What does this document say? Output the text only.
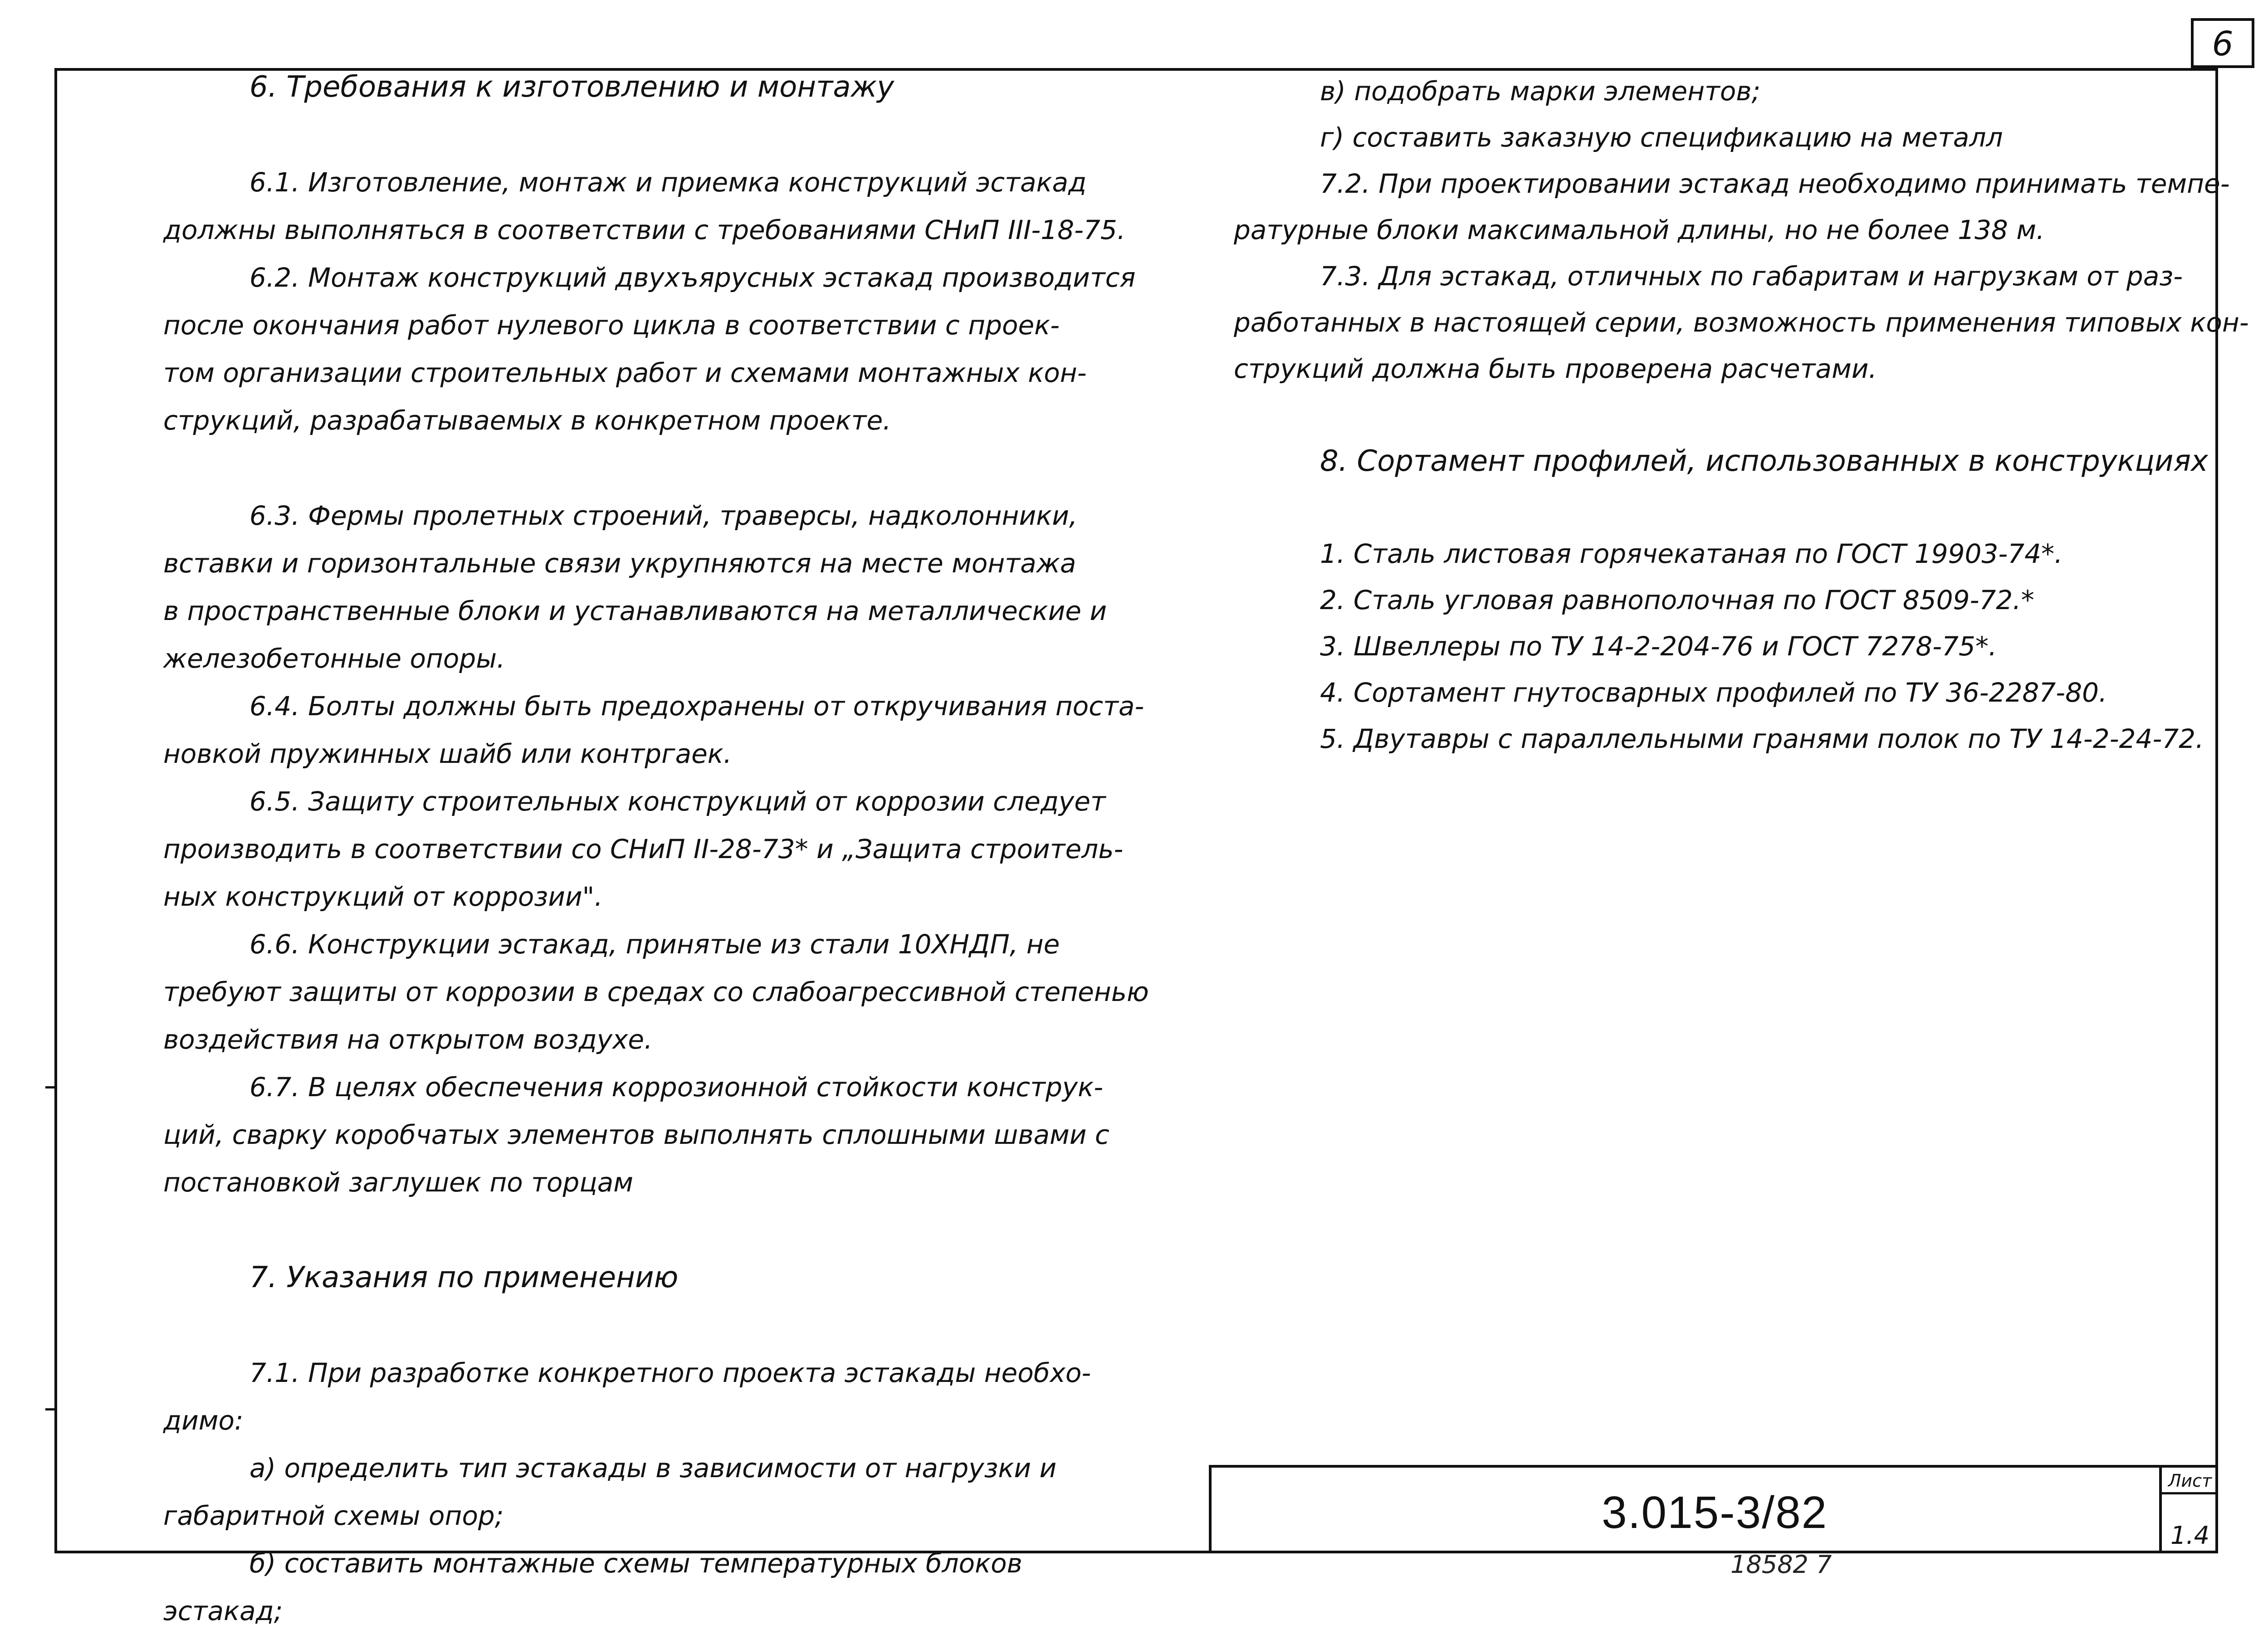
6

6. Требования к изготовлению и монтажу

6.1. Изготовление, монтаж и приемка конструкций эстакад

должны выполняться в соответствии с требованиями СНиП III-18-75.

6.2. Монтаж конструкций двухъярусных эстакад производится

после окончания работ нулевого цикла в соответствии с проек-

том организации строительных работ и схемами монтажных кон-

струкций, разрабатываемых в конкретном проекте.

6.3. Фермы пролетных строений, траверсы, надколонники,

вставки и горизонтальные связи укрупняются на месте монтажа

в пространственные блоки и устанавливаются на металлические и

железобетонные опоры.

6.4. Болты должны быть предохранены от откручивания поста-

новкой пружинных шайб или контргаек.

6.5. Защиту строительных конструкций от коррозии следует

производить в соответствии со СНиП II-28-73* и „Защита строитель-

ных конструкций от коррозии".

6.6. Конструкции эстакад, принятые из стали 10ХНДП, не

требуют защиты от коррозии в средах со слабоагрессивной степенью

воздействия на открытом воздухе.

6.7. В целях обеспечения коррозионной стойкости конструк-

ций, сварку коробчатых элементов выполнять сплошными швами с

постановкой заглушек по торцам

7. Указания по применению

7.1. При разработке конкретного проекта эстакады необхо-

димо:

а) определить тип эстакады в зависимости от нагрузки и

габаритной схемы опор;

б) составить монтажные схемы температурных блоков

эстакад;

в) подобрать марки элементов;

г) составить заказную спецификацию на металл

7.2. При проектировании эстакад необходимо принимать темпе-

ратурные блоки максимальной длины, но не более 138 м.

7.3. Для эстакад, отличных по габаритам и нагрузкам от раз-

работанных в настоящей серии, возможность применения типовых кон-

струкций должна быть проверена расчетами.

8. Сортамент профилей, использованных в конструкциях

1. Сталь листовая горячекатаная по ГОСТ 19903-74*.

2. Сталь угловая равнополочная по ГОСТ 8509-72.*

3. Швеллеры по ТУ 14-2-204-76 и ГОСТ 7278-75*.

4. Сортамент гнутосварных профилей по ТУ 36-2287-80.

5. Двутавры с параллельными гранями полок по ТУ 14-2-24-72.

3.015-3/82
Лист
1.4
18582 7
